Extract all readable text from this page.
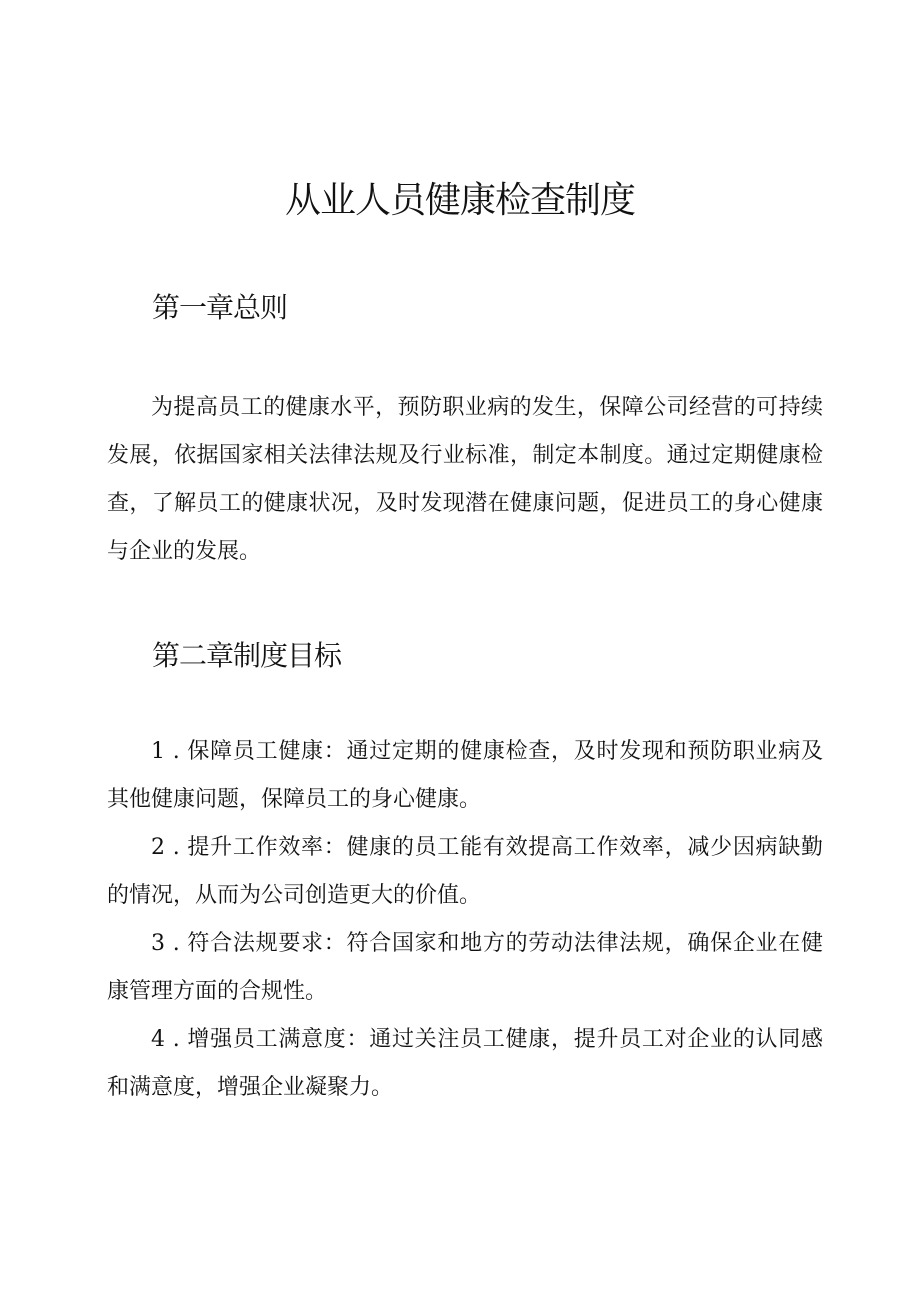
从业人员健康检查制度
第一章总则

为提高员工的健康水平，预防职业病的发生，保障公司经营的可持续发展，依据国家相关法律法规及行业标准，制定本制度。通过定期健康检查，了解员工的健康状况，及时发现潜在健康问题，促进员工的身心健康与企业的发展。

第二章制度目标

1 . 保障员工健康：通过定期的健康检查，及时发现和预防职业病及其他健康问题，保障员工的身心健康。

2 . 提升工作效率：健康的员工能有效提高工作效率，减少因病缺勤的情况，从而为公司创造更大的价值。

3 . 符合法规要求：符合国家和地方的劳动法律法规，确保企业在健康管理方面的合规性。

4 . 增强员工满意度：通过关注员工健康，提升员工对企业的认同感和满意度，增强企业凝聚力。
